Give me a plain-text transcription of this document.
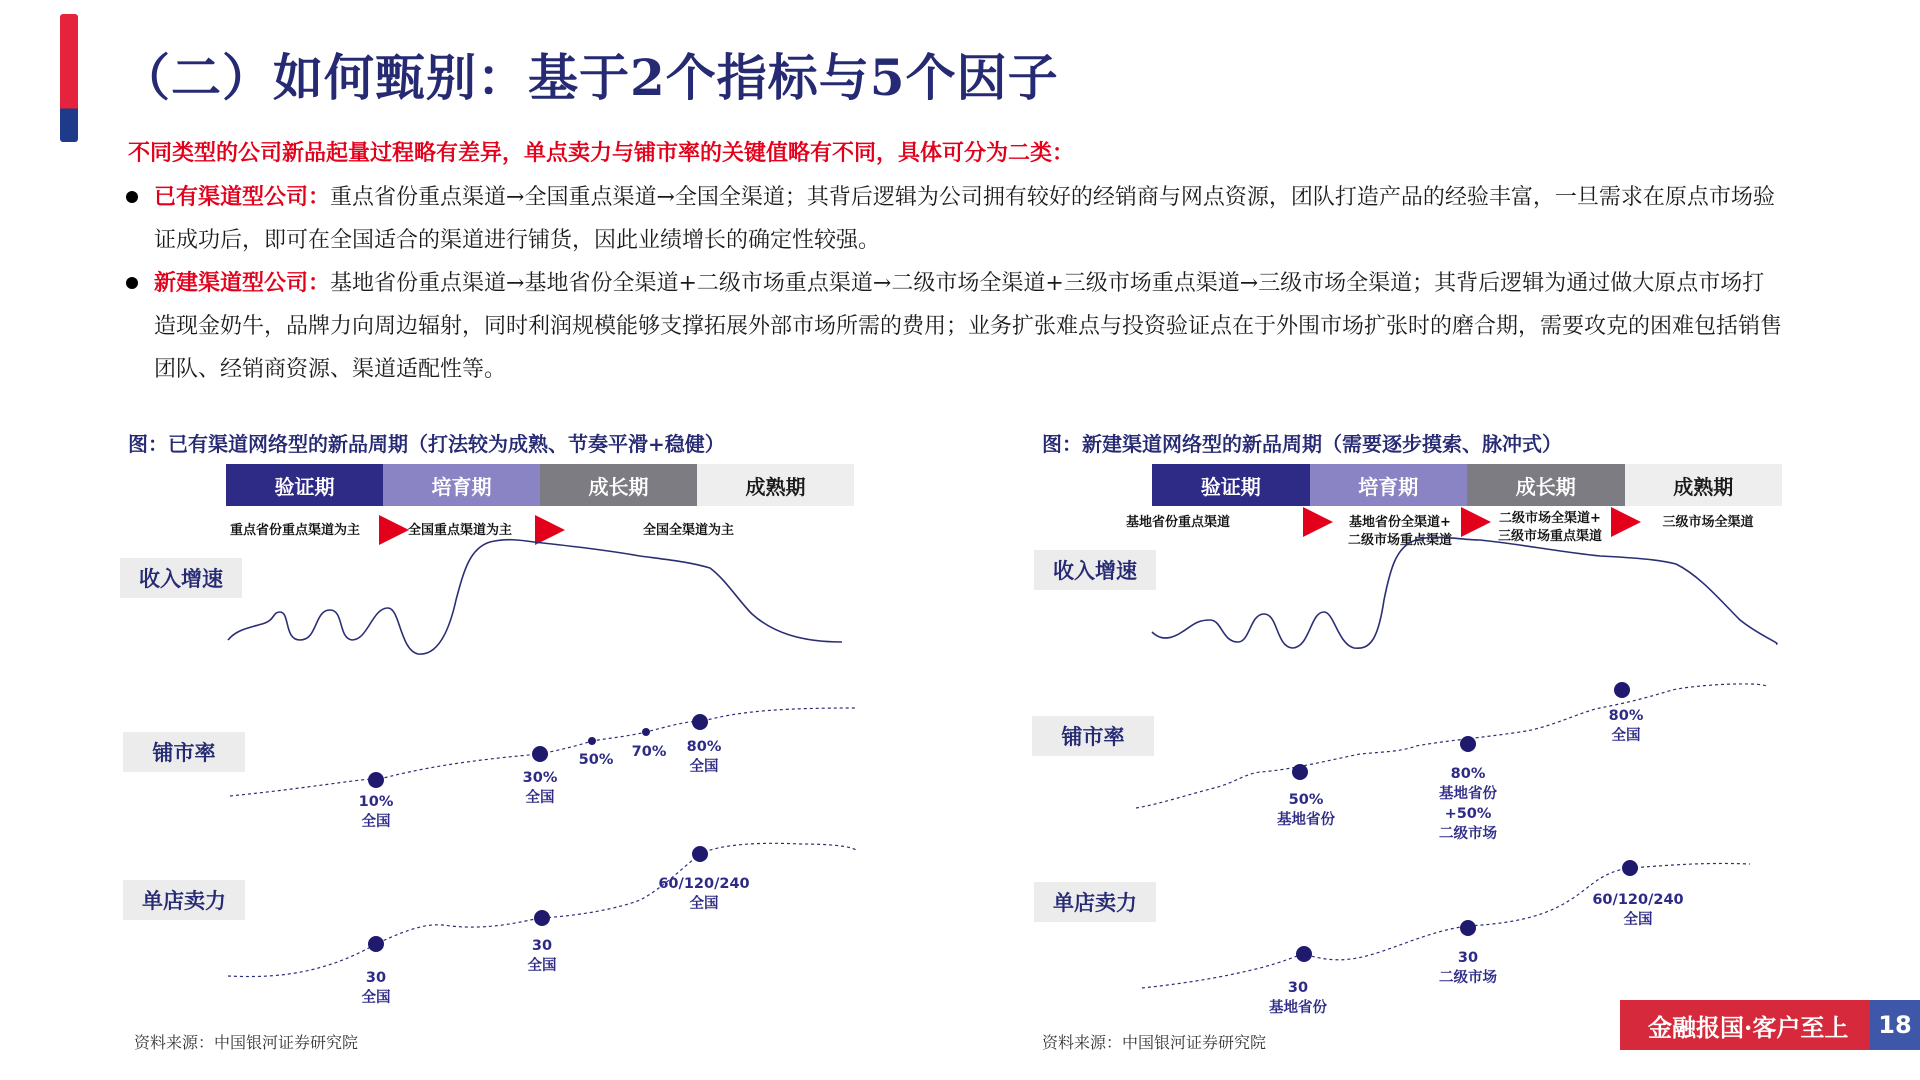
（二）如何甄别：基于2个指标与5个因子
不同类型的公司新品起量过程略有差异，单点卖力与铺市率的关键值略有不同，具体可分为二类：
已有渠道型公司：重点省份重点渠道→全国重点渠道→全国全渠道；其背后逻辑为公司拥有较好的经销商与网点资源，团队打造产品的经验丰富，一旦需求在原点市场验证成功后，即可在全国适合的渠道进行铺货，因此业绩增长的确定性较强。
新建渠道型公司：基地省份重点渠道→基地省份全渠道+二级市场重点渠道→二级市场全渠道+三级市场重点渠道→三级市场全渠道；其背后逻辑为通过做大原点市场打造现金奶牛，品牌力向周边辐射，同时利润规模能够支撑拓展外部市场所需的费用；业务扩张难点与投资验证点在于外围市场扩张时的磨合期，需要攻克的困难包括销售团队、经销商资源、渠道适配性等。
图：已有渠道网络型的新品周期（打法较为成熟、节奏平滑+稳健）
验证期	培育期	成长期	成熟期
收入增速
铺市率
单店卖力
重点省份重点渠道为主	全国重点渠道为主	全国全渠道为主
10%
全国
30%
全国
50% 70% 80%
全国
30
全国
30
全国
60/120/240
全国
资料来源：中国银河证券研究院
图：新建渠道网络型的新品周期（需要逐步摸索、脉冲式）
验证期	培育期	成长期	成熟期
收入增速
铺市率
单店卖力
基地省份重点渠道	基地省份全渠道+
二级市场重点渠道
二级市场全渠道+
三级市场重点渠道
三级市场全渠道
50%
基地省份
80%
基地省份
+50%
二级市场
80%
全国
30
基地省份
30
二级市场
60/120/240
全国
资料来源：中国银河证券研究院
金融报国·客户至上	18
